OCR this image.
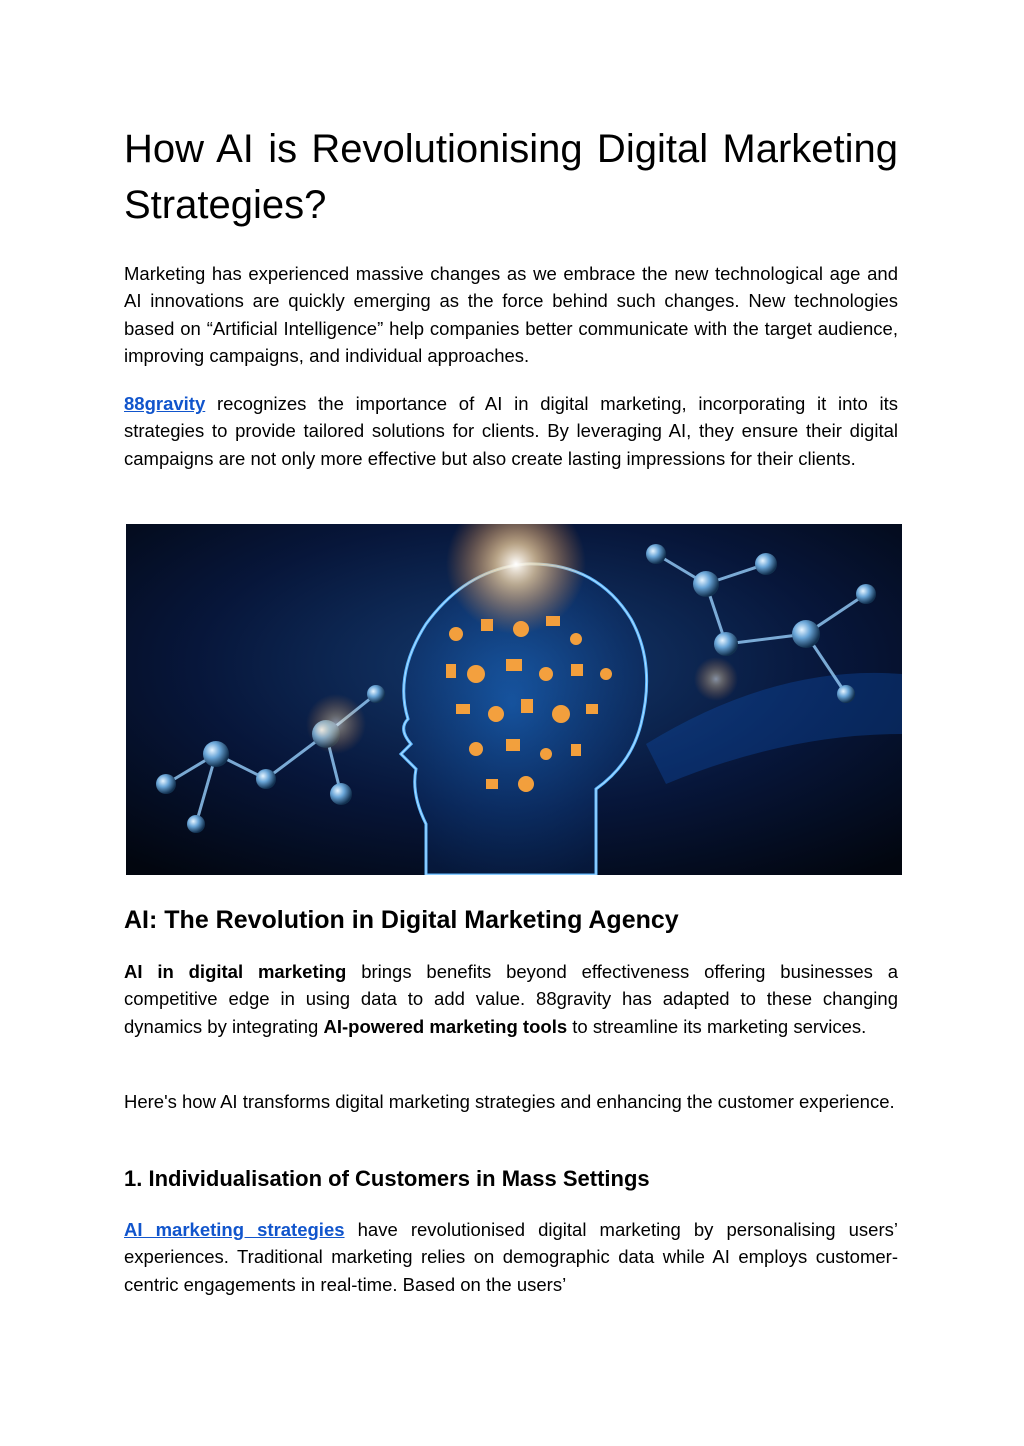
How AI is Revolutionising Digital Marketing Strategies?

Marketing has experienced massive changes as we embrace the new technological age and AI innovations are quickly emerging as the force behind such changes. New technologies based on “Artificial Intelligence” help companies better communicate with the target audience, improving campaigns, and individual approaches.

88gravity recognizes the importance of AI in digital marketing, incorporating it into its strategies to provide tailored solutions for clients. By leveraging AI, they ensure their digital campaigns are not only more effective but also create lasting impressions for their clients.

AI: The Revolution in Digital Marketing Agency

AI in digital marketing brings benefits beyond effectiveness offering businesses a competitive edge in using data to add value. 88gravity has adapted to these changing dynamics by integrating AI-powered marketing tools to streamline its marketing services.

Here's how AI transforms digital marketing strategies and enhancing the customer experience.

1. Individualisation of Customers in Mass Settings

AI marketing strategies have revolutionised digital marketing by personalising users’ experiences. Traditional marketing relies on demographic data while AI employs customer-centric engagements in real-time. Based on the users’
